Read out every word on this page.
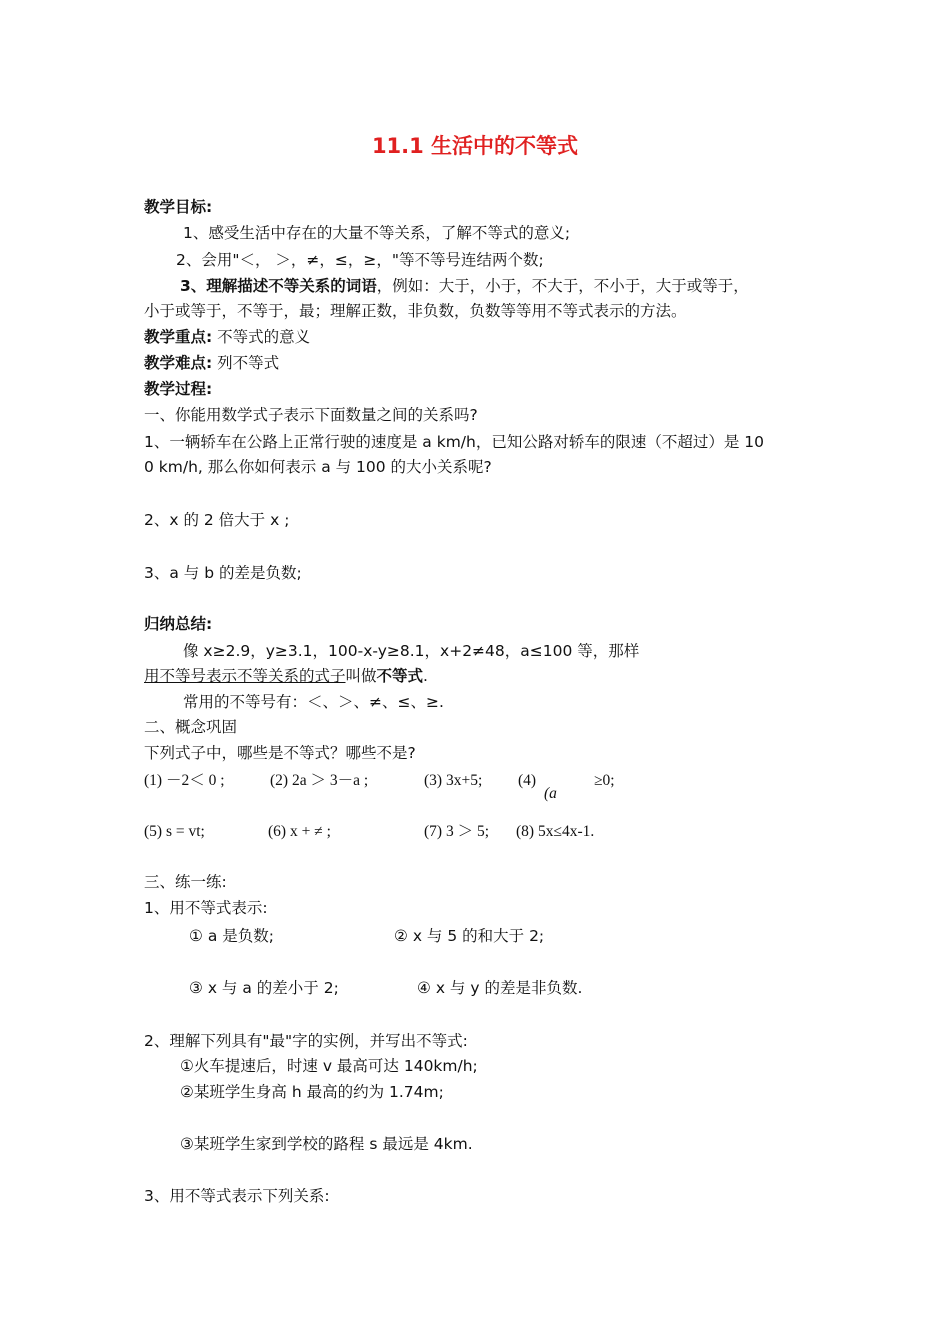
11.1 生活中的不等式
教学目标:
1、感受生活中存在的大量不等关系，了解不等式的意义;
2、会用"＜， ＞，≠，≤，≥，"等不等号连结两个数;
3、理解描述不等关系的词语，例如：大于，小于，不大于，不小于，大于或等于，
小于或等于，不等于，最；理解正数，非负数，负数等等用不等式表示的方法。
教学重点: 不等式的意义
教学难点: 列不等式
教学过程:
一、你能用数学式子表示下面数量之间的关系吗?
1、一辆轿车在公路上正常行驶的速度是 a km/h，已知公路对轿车的限速（不超过）是 10
0 km/h, 那么你如何表示 a 与 100 的大小关系呢?
2、x 的 2 倍大于 x ;
3、a 与 b 的差是负数;
归纳总结:
像 x≥2.9，y≥3.1，100-x-y≥8.1，x+2≠48，a≤100 等，那样
用不等号表示不等关系的式子叫做不等式.
常用的不等号有：＜、＞、≠、≤、≥.
二、概念巩固
下列式子中，哪些是不等式？哪些不是?
(1) －2＜ 0 ;	(2) 2a ＞ 3－a ;	(3) 3x+5; (4)
(a
≥0;
(5) s = vt;	(6) x + ≠ ;	(7) 3 ＞ 5; (8) 5x≤4x-1.
三、练一练:
1、用不等式表示:
① a 是负数;	② x 与 5 的和大于 2;
③ x 与 a 的差小于 2;	④ x 与 y 的差是非负数.
2、理解下列具有"最"字的实例，并写出不等式:
①火车提速后，时速 v 最高可达 140km/h;
②某班学生身高 h 最高的约为 1.74m;
③某班学生家到学校的路程 s 最远是 4km.
3、用不等式表示下列关系:
